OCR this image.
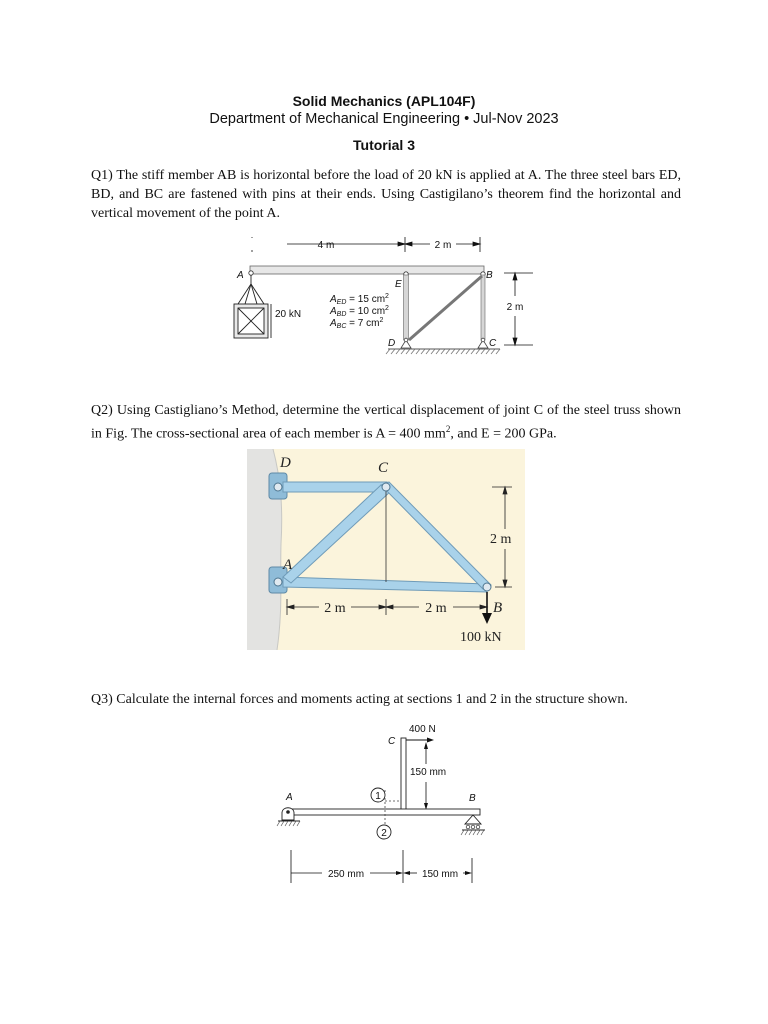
Solid Mechanics (APL104F)
Department of Mechanical Engineering • Jul-Nov 2023
Tutorial 3
Q1) The stiff member AB is horizontal before the load of 20 kN is applied at A. The three steel bars ED, BD, and BC are fastened with pins at their ends. Using Castigilano’s theorem find the horizontal and vertical movement of the point A.
4 m	2 m
2 m
20 kN
A	B
E
D	C
$A_{ED} = 15$ $cm^2$
$A_{BD} = 10$ $cm^2$
$A_{BC} = 7$ $cm^2$
Q2) Using Castigliano’s Method, determine the vertical displacement of joint C of the steel truss shown in Fig. The cross-sectional area of each member is A = 400 $mm^2$, and E = 200 GPa.
D	C
A
B
2 m
2 m	2 m
100 kN
Q3) Calculate the internal forces and moments acting at sections 1 and 2 in the structure shown.
400 N
C
150 mm
A	B
1
2
250 mm	150 mm
